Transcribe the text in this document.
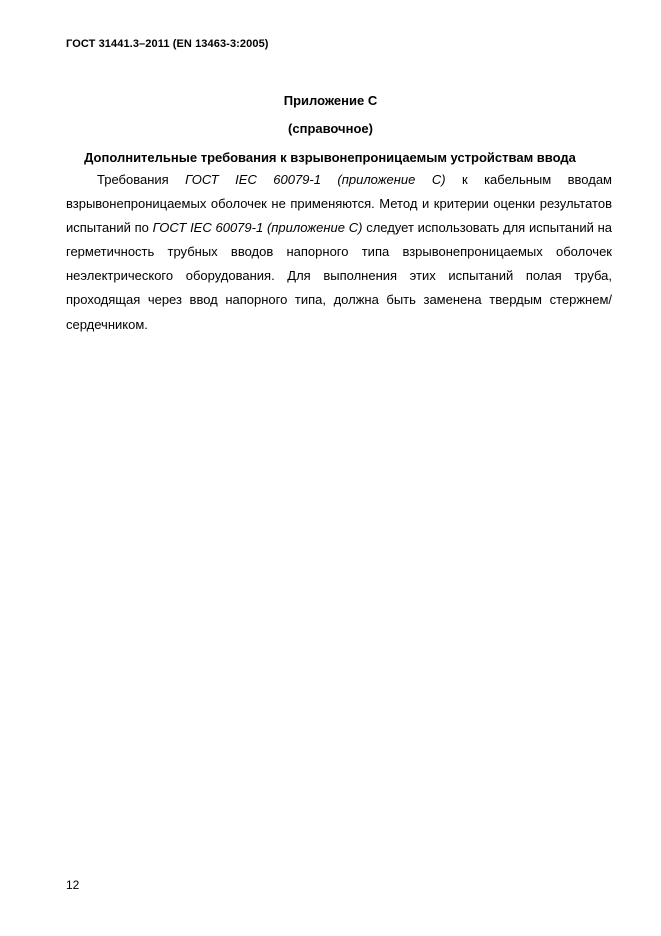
ГОСТ 31441.3–2011 (EN 13463-3:2005)
Приложение С
(справочное)
Дополнительные требования к взрывонепроницаемым устройствам ввода

Требования ГОСТ IEC 60079-1 (приложение С) к кабельным вводам взрывонепроницаемых оболочек не применяются. Метод и критерии оценки результатов испытаний по ГОСТ IEC 60079-1 (приложение С) следует использовать для испытаний на герметичность трубных вводов напорного типа взрывонепроницаемых оболочек неэлектрического оборудования. Для выполнения этих испытаний полая труба, проходящая через ввод напорного типа, должна быть заменена твердым стержнем/сердечником.

12
